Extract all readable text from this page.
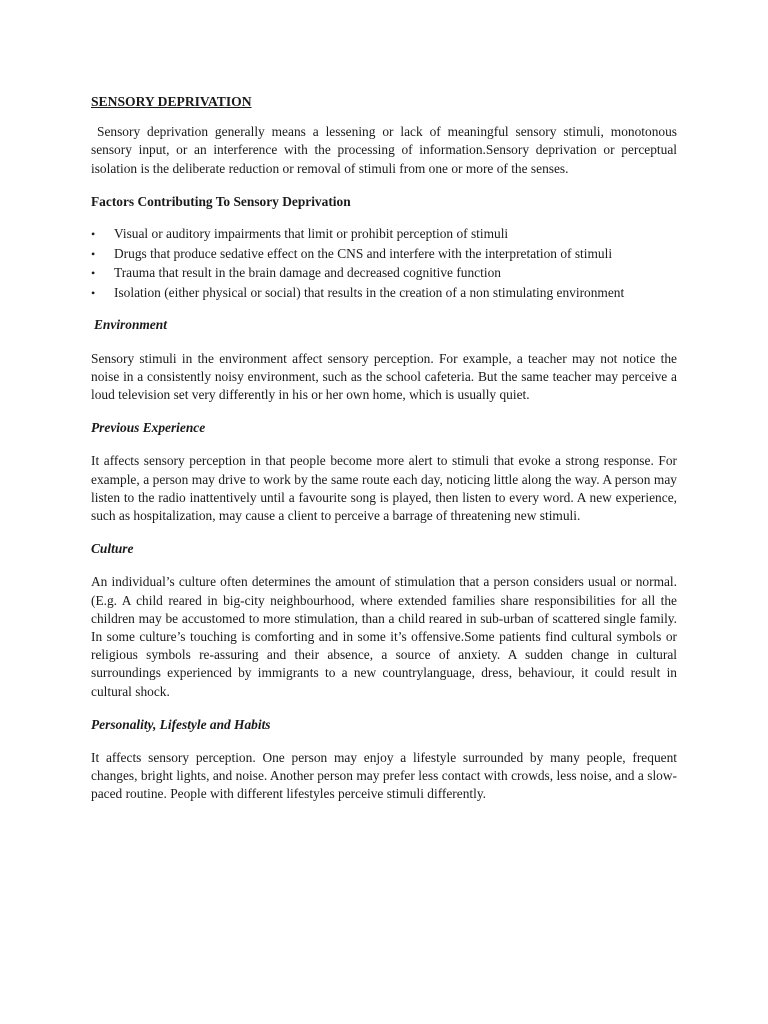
SENSORY DEPRIVATION

Sensory deprivation generally means a lessening or lack of meaningful sensory stimuli, monotonous sensory input, or an interference with the processing of information.Sensory deprivation or perceptual isolation is the deliberate reduction or removal of stimuli from one or more of the senses.

Factors Contributing To Sensory Deprivation
• Visual or auditory impairments that limit or prohibit perception of stimuli
• Drugs that produce sedative effect on the CNS and interfere with the interpretation of stimuli
• Trauma that result in the brain damage and decreased cognitive function
• Isolation (either physical or social) that results in the creation of a non stimulating environment
Environment

Sensory stimuli in the environment affect sensory perception. For example, a teacher may not notice the noise in a consistently noisy environment, such as the school cafeteria. But the same teacher may perceive a loud television set very differently in his or her own home, which is usually quiet.

Previous Experience

It affects sensory perception in that people become more alert to stimuli that evoke a strong response. For example, a person may drive to work by the same route each day, noticing little along the way. A person may listen to the radio inattentively until a favourite song is played, then listen to every word. A new experience, such as hospitalization, may cause a client to perceive a barrage of threatening new stimuli.

Culture

An individual’s culture often determines the amount of stimulation that a person considers usual or normal. (E.g. A child reared in big-city neighbourhood, where extended families share responsibilities for all the children may be accustomed to more stimulation, than a child reared in sub-urban of scattered single family. In some culture’s touching is comforting and in some it’s offensive.Some patients find cultural symbols or religious symbols re-assuring and their absence, a source of anxiety. A sudden change in cultural surroundings experienced by immigrants to a new countrylanguage, dress, behaviour, it could result in cultural shock.

Personality, Lifestyle and Habits

It affects sensory perception. One person may enjoy a lifestyle surrounded by many people, frequent changes, bright lights, and noise. Another person may prefer less contact with crowds, less noise, and a slow-paced routine. People with different lifestyles perceive stimuli differently.
